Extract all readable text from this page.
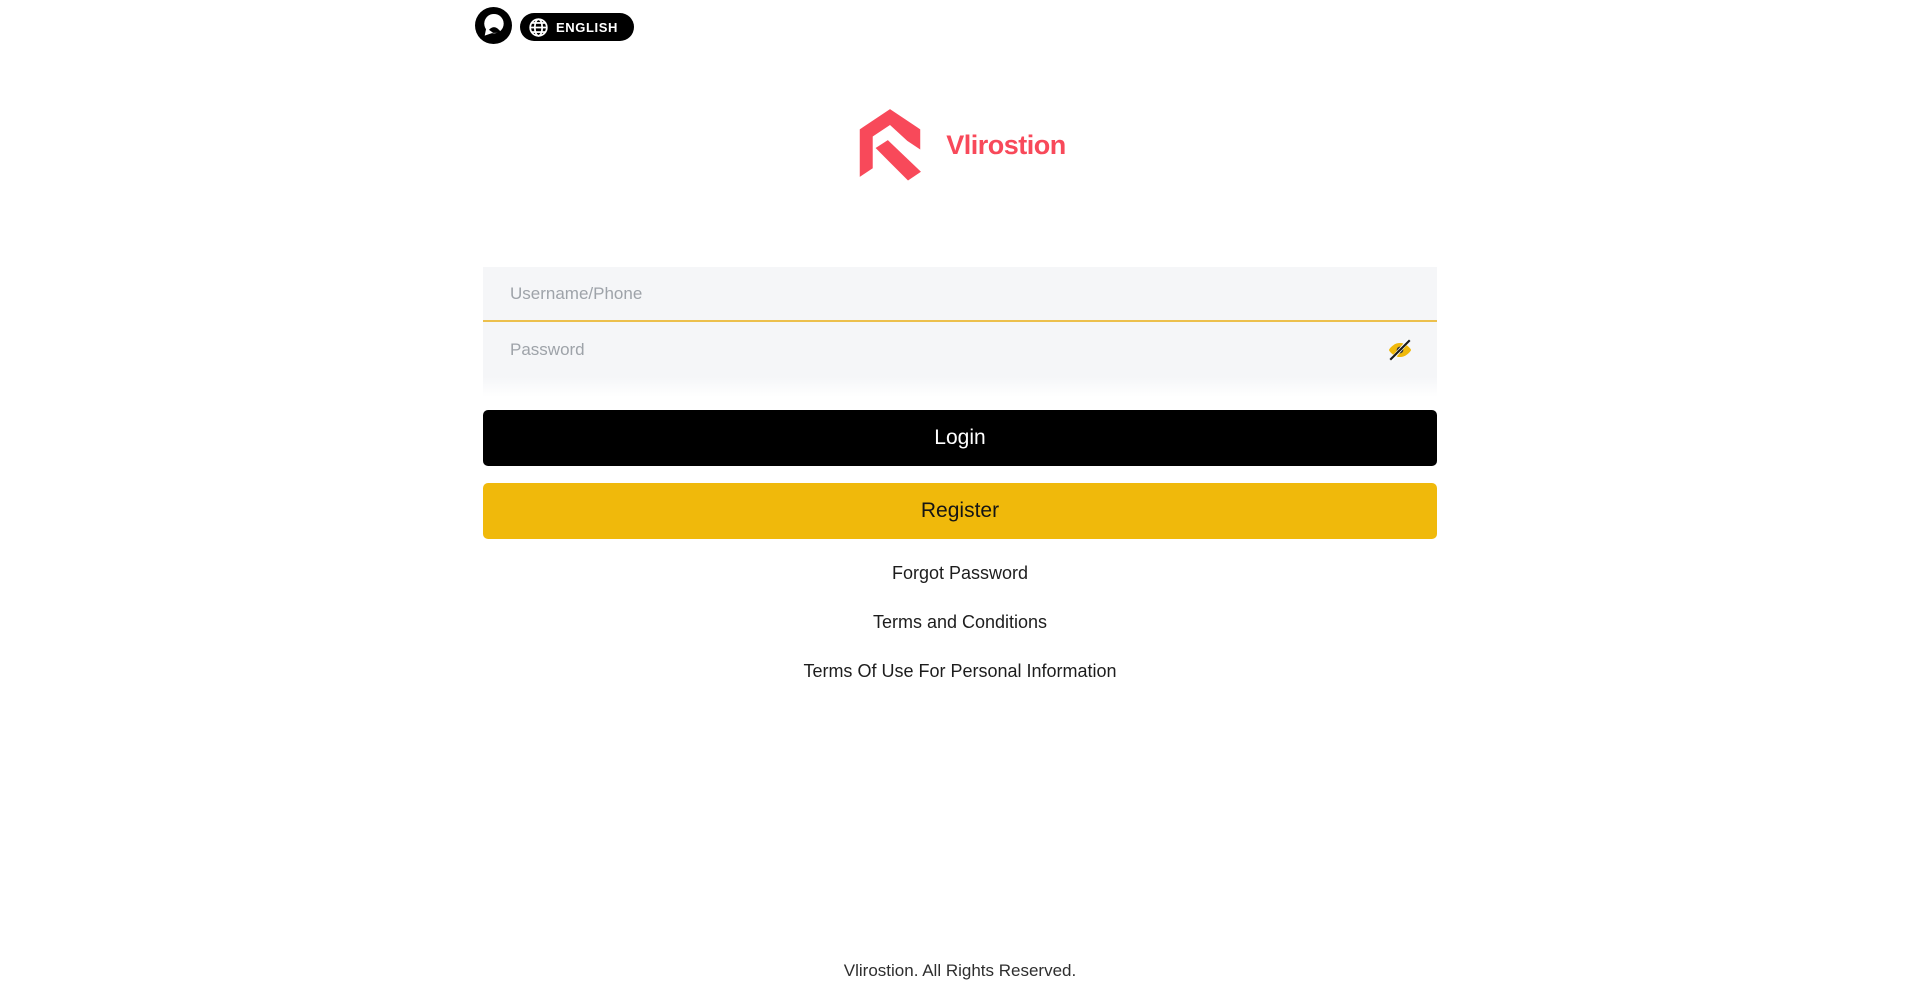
ENGLISH
Vlirostion
Username/Phone
Login
Register
Forgot Password
Terms and Conditions
Terms Of Use For Personal Information
Vlirostion. All Rights Reserved.
